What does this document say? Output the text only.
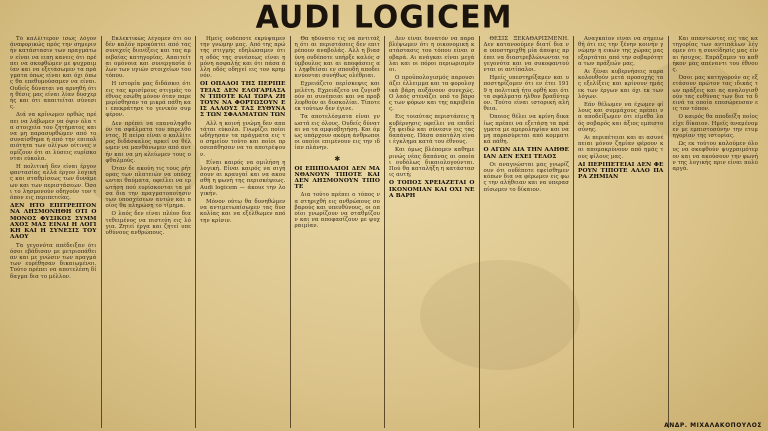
AUDI LOGICEM

Τό καλλίτερον ίσως λόγον άναφορικώς πρός την σημερινήν κατάστασιν των πραγμάτων είναι να ειπη κανεις ότι πρέπει να σκεφθώμεν με ψυχραιμίαν και να εξετάσωμεν τα πράγματα όπως είναι και όχι όπως θα επεθυμούσαμεν να είναι. Ουδείς δύναται να αρνηθή ότι η θέσις μας είναι λίαν δυσχερής και ότι απαιτείται σύνεσις.

Διά να κρίνωμεν ορθώς πρέπει να λάβωμεν υπ όψιν όλα τα στοιχεία του ζητήματος και να μη παρασυρθώμεν από το συναίσθημα ή από την επιπολαιότητα των ολίγων οίτινες νομίζουν ότι αι λύσεις ευρίσκονται εύκολα.

Η πολιτική δεν είναι έργον φαντασίας αλλά έργον λογικής και σταθμίσεως των δυνάμεων και των περιστάσεων. Όσοι το λησμονούν οδηγούν τον τόπον εις περιπετείας.

ΔΕΝ ΗΤΟ ΕΠΙΤΡΕΠΤΟΝ ΝΑ ΛΗΣΜΟΝΗΘΗ ΟΤΙ Ο ΜΟΝΟΣ ΦΥΣΙΚΟΣ ΣΥΜΜΑΧΟΣ ΜΑΣ ΕΙΝΑΙ Η ΛΟΓΙΚΗ ΚΑΙ Η ΣΥΝΕΣΙΣ ΤΟΥ ΛΑΟΥ

Τα γεγονότα απέδειξαν ότι όσοι εβάδισαν με μετριοπάθειαν και με γνώσιν των πραγμάτων ευρέθησαν δικαιωμένοι. Τούτο πρέπει να αποτελέση δίδαγμα δια το μέλλον.

Εκλεκτικώς λέγομεν ότι ουδέν καλόν προκύπτει από τας συνεχείς διενέξεις και τας αμοιβαίας κατηγορίας. Απαιτείται ομόνοια και συνεργασία όλων των υγιών στοιχείων του τόπου.

Η ιστορία μας διδάσκει ότι εις τας κρισίμους στιγμάς το έθνος εσώθη μόνον όταν παρεμερίσθησαν τα μικρά πάθη και επεκράτησε το γενικόν συμφέρον.

Δεν πρέπει να επαναληφθούν τα σφάλματα του παρελθόντος. Η πείρα είναι ο καλλίτερος διδάσκαλος αρκεί να θέλωμεν να μανθάνωμεν από αυτήν και να μη κλείωμεν τους οφθαλμούς.

Όταν δε ακούη τις τους ρήτορας των πλατειών να υπόσχωνται θαύματα, οφείλει να ερωτήση πού ευρίσκονται τα μέσα δια την πραγματοποίησιν των υποσχέσεων αυτών και ποίος θα πληρώση το τίμημα.

Ο λαός δεν είναι πλέον διατεθειμένος να πιστεύη εις λόγια. Ζητεί έργα και ζητεί υπευθύνους ανθρώπους.

Ημείς ουδέποτε εκρύψαμεν την γνώμην μας. Από της πρώτης στιγμής εδηλώσαμεν ότι η οδός της συνέσεως είναι η μόνη ασφαλής και ότι πάσα άλλη οδός οδηγεί εις τον κρημνόν.

ΟΙ ΟΠΑΔΟΙ ΤΗΣ ΠΕΡΙΠΕΤΕΙΑΣ ΔΕΝ ΕΛΟΓΑΡΙΑΣΑΝ ΤΙΠΟΤΕ ΚΑΙ ΤΩΡΑ ΖΗΤΟΥΝ ΝΑ ΦΟΡΤΩΣΟΥΝ ΕΙΣ ΑΛΛΟΥΣ ΤΑΣ ΕΥΘΥΝΑΣ ΤΩΝ ΣΦΑΛΜΑΤΩΝ ΤΩΝ

Αλλ η κοινή γνώμη δεν απατάται εύκολα. Γνωρίζει ποίοι ωδήγησαν τα πράγματα εις το σημείον τούτο και ποίοι προσεπάθησαν να τα αποτρέψουν.

Είναι καιρός να ομιλήση η λογική. Είναι καιρός να σιγήσουν αι κραυγαί και να ακουσθή η φωνή της περισκέψεως. Audi logicem — άκουε την λογικήν.

Μόνον ούτω θα δυνηθώμεν να αντιμετωπίσωμεν τας δυσκολίας και να εξέλθωμεν από την κρίσιν.

Θα ηδύνατο τις να αντιτάξη ότι αι περιστάσεις δεν επιτρέπουν αναβολάς. Αλλ η βιασύνη ουδέποτε υπήρξε καλός σύμβουλος και αι αποφάσεις αι ληφθείσαι εν σπουδή αποδεικνύονται συνήθως ολέθριαι.

Εχρειάζετο περίσκεψις και μελέτη. Εχρειάζετο να ζυγισθούν αι συνέπειαι και να προβλεφθούν αι δυσκολίαι. Τίποτε εκ τούτων δεν έγινε.

Τα αποτελέσματα είναι γνωστά εις όλους. Ουδείς δύναται να τα αμφισβητήση. Και όμως υπάρχουν ακόμη άνθρωποι οι οποίοι επιμένουν εις την ιδίαν πλάνην.

✱

ΟΙ ΕΠΙΠΟΛΑΙΟΙ ΔΕΝ ΜΑΝΘΑΝΟΥΝ ΤΙΠΟΤΕ ΚΑΙ ΔΕΝ ΛΗΣΜΟΝΟΥΝ ΤΙΠΟΤΕ

Δια τούτο πρέπει ο τόπος να στηριχθή εις ανθρώπους σοβαρούς και υπευθύνους, οι οποίοι γνωρίζουν να σταθμίζουν και να αποφασίζουν με ψυχραιμίαν.

Δεν είναι δυνατόν να παραβλέψωμεν ότι η οικονομική κατάστασις του τόπου είναι σοβαρά. Αι ανάγκαι είναι μεγάλαι και οι πόροι περιωρισμένοι.

Ο προϋπολογισμός παρουσιάζει έλλειμμα και τα φορολογικά βάρη αυξάνουν συνεχώς. Ο λαός στενάζει υπό το βάρος των φόρων και της ακριβείας.

Εις τοιαύτας περιστάσεις η κυβέρνησις οφείλει να επιδείξη φειδώ και σύνεσιν εις τας δαπάνας. Πάσα σπατάλη είναι έγκλημα κατά του έθνους.

Και όμως βλέπομεν καθημερινώς νέας δαπάνας αι οποίαι ουδόλως δικαιολογούνται. Πού θα καταλήξη η κατάστασις αυτή;

Ο ΤΟΠΟΣ ΧΡΕΙΑΖΕΤΑΙ ΟΙΚΟΝΟΜΙΑΝ ΚΑΙ ΟΧΙ ΝΕΑ ΒΑΡΗ

ΘΕΣΙΣ ΞΕΚΑΘΑΡΙΣΜΕΝΗ. Δεν κατανοούμεν διατί δια να υποστηριχθή μία άποψις πρέπει να διαστρεβλώνωνται τα γεγονότα και να συκοφαντούνται οι αντίπαλοι.

Ημείς υπεστηρίξαμεν και υποστηρίζομεν ότι εν έτει 1919 η πολιτική ήτο ορθή και ότι τα σφάλματα ήλθον βραδύτερον. Τούτο είναι ιστορική αλήθεια.

Όποιος θέλει να κρίνη δικαίως πρέπει να εξετάση τα πράγματα με αμεροληψίαν και να μη παρασύρεται από κομματικά πάθη.

Ο ΑΓΩΝ ΔΙΑ ΤΗΝ ΑΛΗΘΕΙΑΝ ΔΕΝ ΕΧΕΙ ΤΕΛΟΣ

Οι αναγνώσται μας γνωρίζουν ότι ουδέποτε εφείσθημεν κόπων δια να φέρωμεν εις φως την αλήθειαν και να υπερασπίσωμεν το δίκαιον.

Αναγκαίον είναι να σημειωθή ότι εις την ξένην κοινήν γνώμην η εικών της χώρας μας εξαρτάται από την σοβαρότητα των πράξεών μας.

Αι ξέναι κυβερνήσεις παρακολουθούν μετά προσοχής τας εξελίξεις και κρίνουν ημάς εκ των έργων και όχι εκ των λόγων.

Εάν θέλωμεν να έχωμεν φίλους και συμμάχους πρέπει να αποδείξωμεν ότι είμεθα λαός σοβαρός και άξιος εμπιστοσύνης.

Αι περιπέτειαι και αι ασυνέπειαι μόνον ζημίαν φέρουν και απομακρύνουν από ημάς τους φίλους μας.

ΑΙ ΠΕΡΙΠΕΤΕΙΑΙ ΔΕΝ ΦΕΡΟΥΝ ΤΙΠΟΤΕ ΑΛΛΟ ΠΑΡΑ ΖΗΜΙΑΝ

Και απαντώντες εις τας κατηγορίας των αντιπάλων λέγομεν ότι η συνείδησίς μας είναι ήσυχος. Επράξαμεν το καθήκον μας απέναντι του έθνους.

Όσοι μας κατηγορούν ας εξετάσουν πρώτον τας ιδικάς των πράξεις και ας αναλογισθούν τας ευθύνας των δια τα δεινά τα οποία επεσώρευσαν εις τον τόπον.

Ο καιρός θα αποδείξη ποίος είχε δίκαιον. Ημείς αναμένομεν με εμπιστοσύνην την ετυμηγορίαν της ιστορίας.

Ως εκ τούτου καλούμεν όλους να σκεφθούν ψυχραιμότερον και να ακούσουν την φωνήν της λογικής πριν είναι πολύ αργά.

ΑΝΔΡ. ΜΙΧΑΛΑΚΟΠΟΥΛΟΣ
